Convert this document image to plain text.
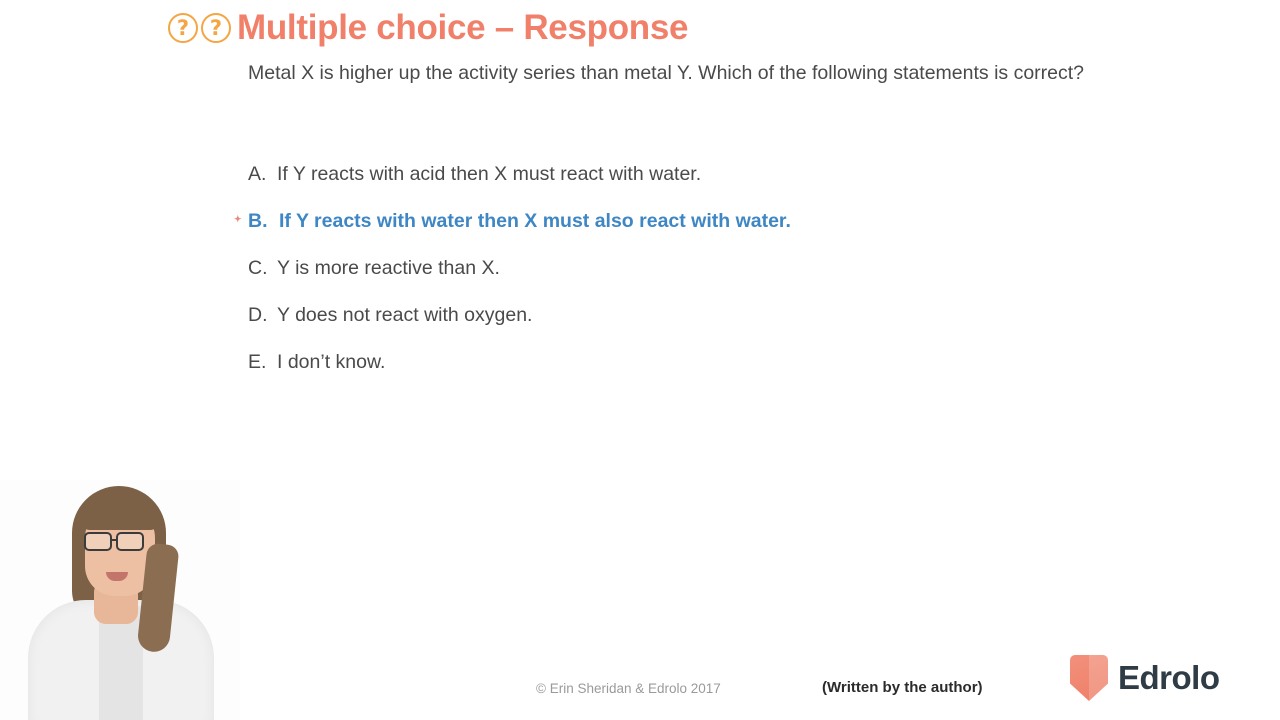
? ? Multiple choice – Response
Metal X is higher up the activity series than metal Y. Which of the following statements is correct?
A. If Y reacts with acid then X must react with water.
✦ B. If Y reacts with water then X must also react with water.
C. Y is more reactive than X.
D. Y does not react with oxygen.
E. I don’t know.
© Erin Sheridan & Edrolo 2017	(Written by the author)	Edrolo
